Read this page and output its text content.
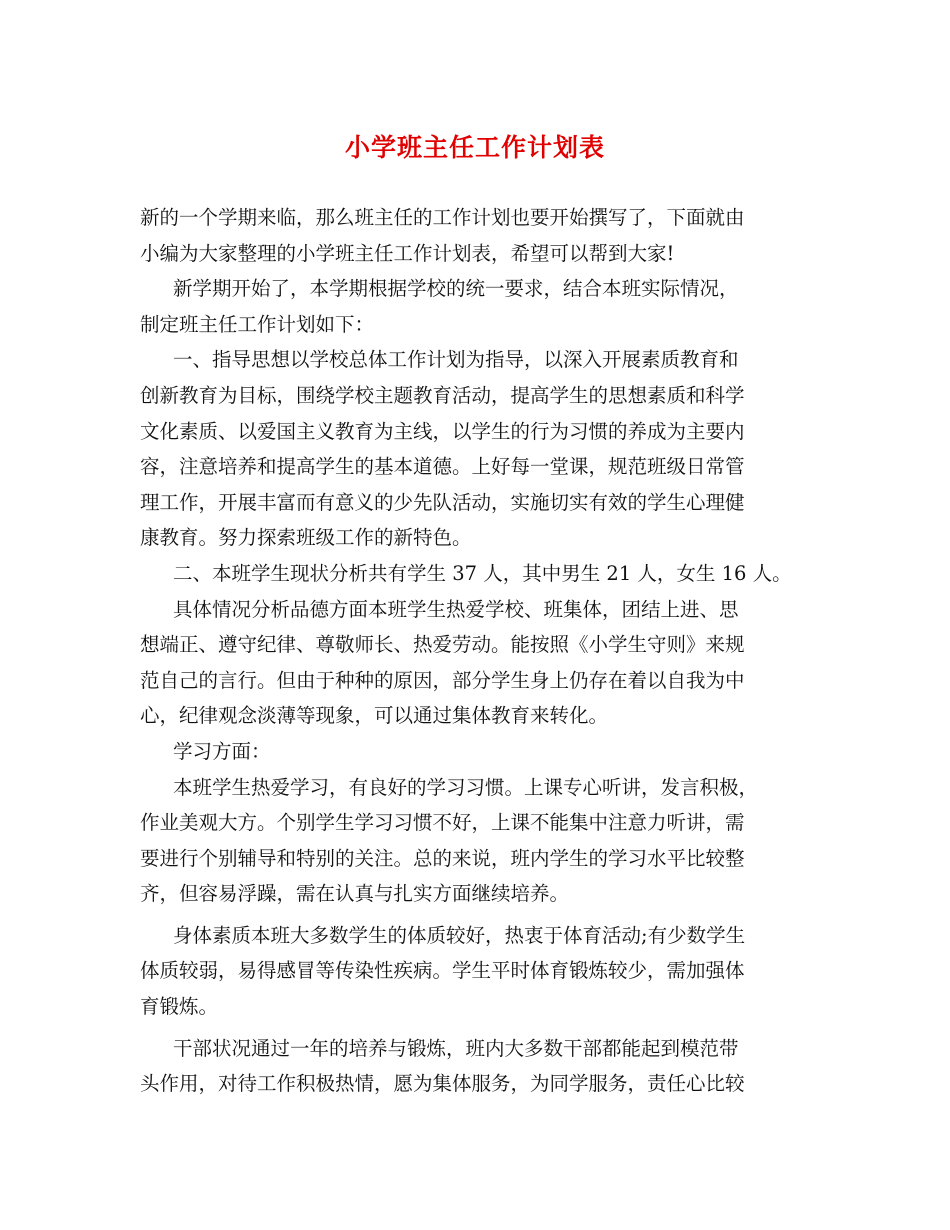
小学班主任工作计划表
新的一个学期来临，那么班主任的工作计划也要开始撰写了，下面就由
小编为大家整理的小学班主任工作计划表，希望可以帮到大家!
新学期开始了，本学期根据学校的统一要求，结合本班实际情况，
制定班主任工作计划如下：
一、指导思想以学校总体工作计划为指导，以深入开展素质教育和
创新教育为目标，围绕学校主题教育活动，提高学生的思想素质和科学
文化素质、以爱国主义教育为主线，以学生的行为习惯的养成为主要内
容，注意培养和提高学生的基本道德。上好每一堂课，规范班级日常管
理工作，开展丰富而有意义的少先队活动，实施切实有效的学生心理健
康教育。努力探索班级工作的新特色。
二、本班学生现状分析共有学生 37 人，其中男生 21 人，女生 16 人。
具体情况分析品德方面本班学生热爱学校、班集体，团结上进、思
想端正、遵守纪律、尊敬师长、热爱劳动。能按照《小学生守则》来规
范自己的言行。但由于种种的原因，部分学生身上仍存在着以自我为中
心，纪律观念淡薄等现象，可以通过集体教育来转化。
学习方面：
本班学生热爱学习，有良好的学习习惯。上课专心听讲，发言积极，
作业美观大方。个别学生学习习惯不好，上课不能集中注意力听讲，需
要进行个别辅导和特别的关注。总的来说，班内学生的学习水平比较整
齐，但容易浮躁，需在认真与扎实方面继续培养。
身体素质本班大多数学生的体质较好，热衷于体育活动;有少数学生
体质较弱，易得感冒等传染性疾病。学生平时体育锻炼较少，需加强体
育锻炼。
干部状况通过一年的培养与锻炼，班内大多数干部都能起到模范带
头作用，对待工作积极热情，愿为集体服务，为同学服务，责任心比较
